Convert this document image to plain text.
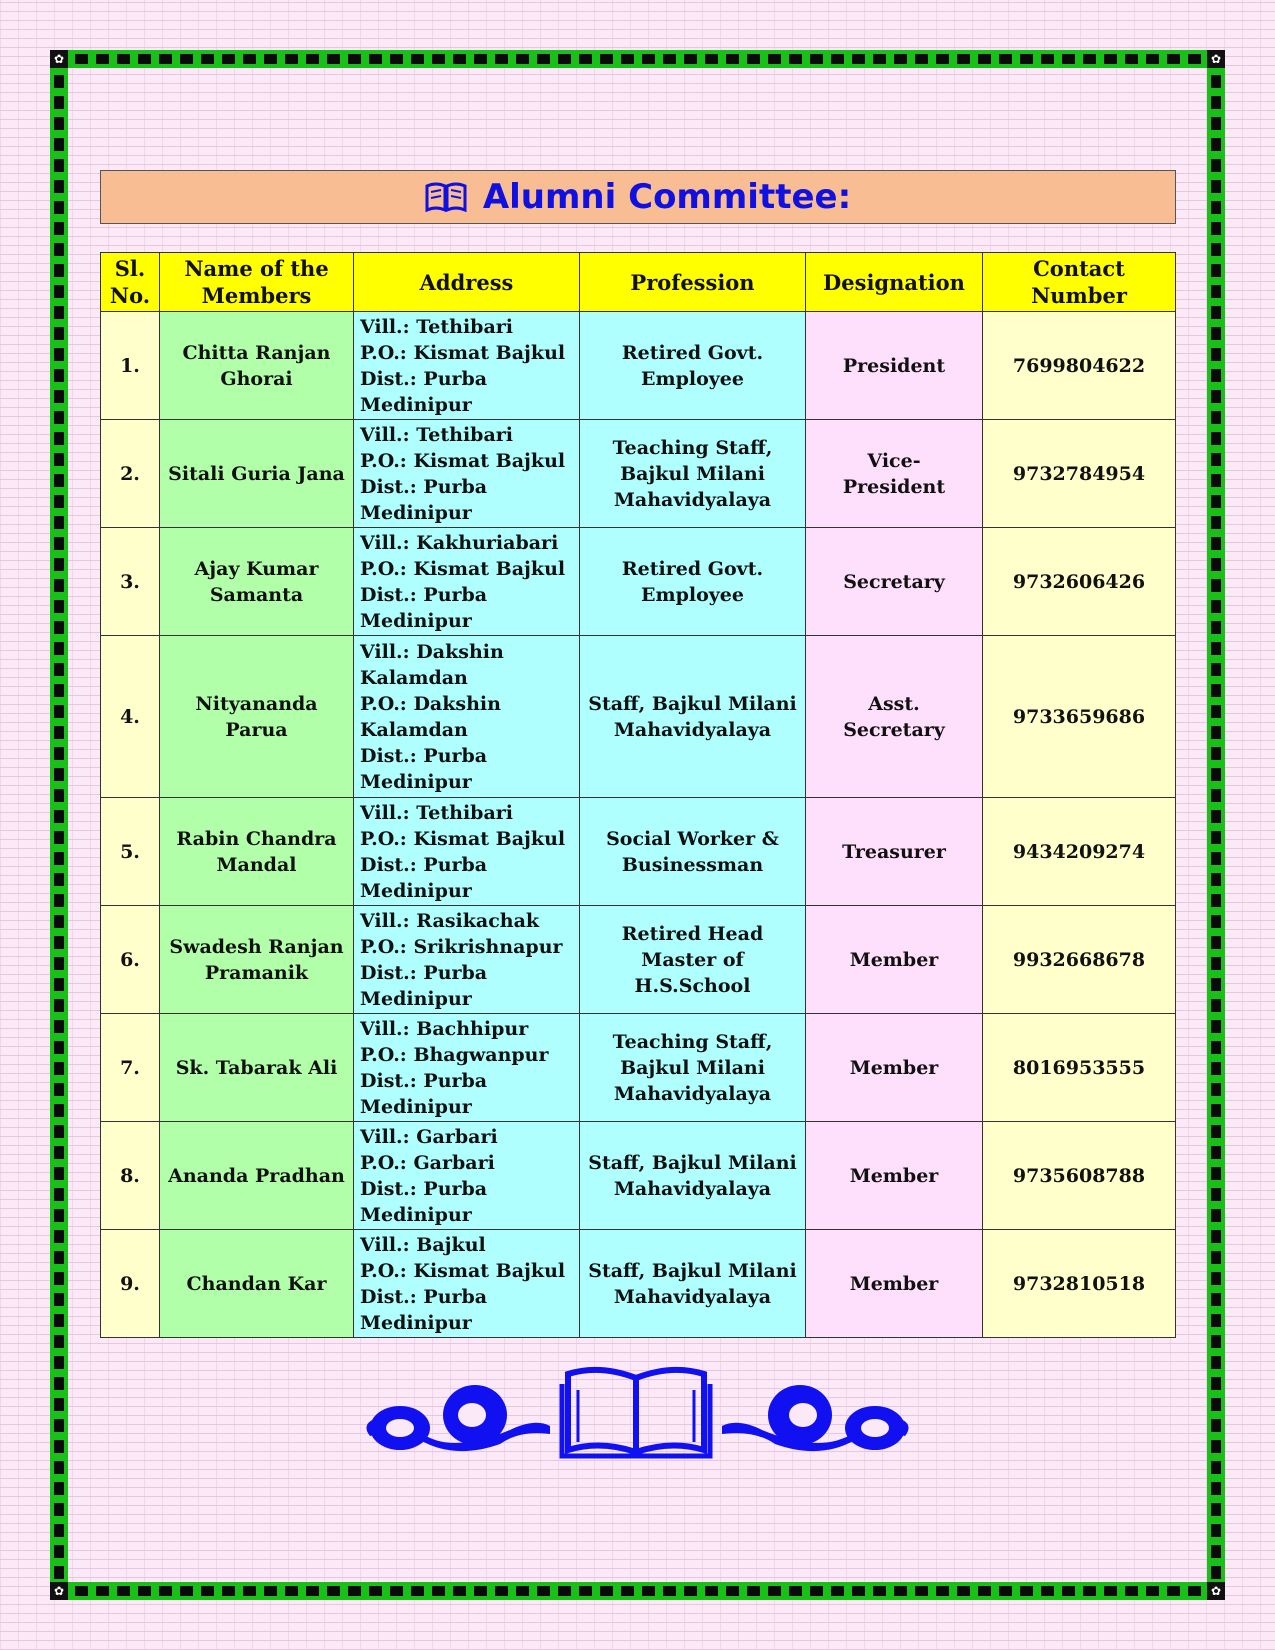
✿	✿
✿	✿
Alumni Committee:
Sl. No.	Name of the Members	Address	Profession	Designation	Contact Number
1.	Chitta Ranjan Ghorai	Vill.: Tethibari
P.O.: Kismat Bajkul
Dist.: Purba Medinipur	Retired Govt. Employee	President	7699804622
2.	Sitali Guria Jana	Vill.: Tethibari
P.O.: Kismat Bajkul
Dist.: Purba Medinipur	Teaching Staff, Bajkul Milani Mahavidyalaya	Vice-
President	9732784954
3.	Ajay Kumar Samanta	Vill.: Kakhuriabari
P.O.: Kismat Bajkul
Dist.: Purba Medinipur	Retired Govt. Employee	Secretary	9732606426
4.	Nityananda Parua	Vill.: Dakshin Kalamdan
P.O.: Dakshin Kalamdan
Dist.: Purba Medinipur	Staff, Bajkul Milani Mahavidyalaya	Asst.
Secretary	9733659686
5.	Rabin Chandra Mandal	Vill.: Tethibari
P.O.: Kismat Bajkul
Dist.: Purba Medinipur	Social Worker &
Businessman	Treasurer	9434209274
6.	Swadesh Ranjan Pramanik	Vill.: Rasikachak
P.O.: Srikrishnapur
Dist.: Purba Medinipur	Retired Head Master of H.S.School	Member	9932668678
7.	Sk. Tabarak Ali	Vill.: Bachhipur
P.O.: Bhagwanpur
Dist.: Purba Medinipur	Teaching Staff, Bajkul Milani Mahavidyalaya	Member	8016953555
8.	Ananda Pradhan	Vill.: Garbari
P.O.: Garbari
Dist.: Purba Medinipur	Staff, Bajkul Milani Mahavidyalaya	Member	9735608788
9.	Chandan Kar	Vill.: Bajkul
P.O.: Kismat Bajkul
Dist.: Purba Medinipur	Staff, Bajkul Milani Mahavidyalaya	Member	9732810518
